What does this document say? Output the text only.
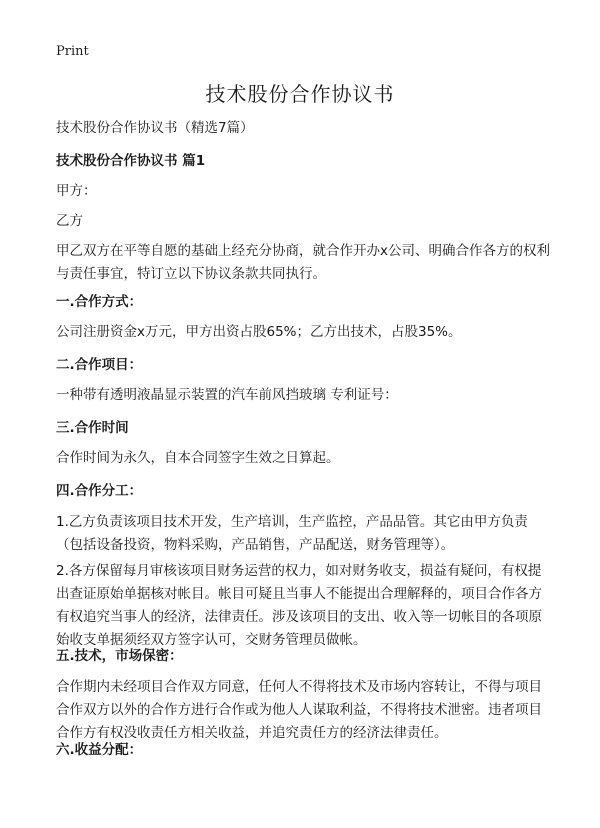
Print
技术股份合作协议书

技术股份合作协议书（精选7篇）

技术股份合作协议书 篇1

甲方：

乙方

甲乙双方在平等自愿的基础上经充分协商，就合作开办x公司、明确合作各方的权利与责任事宜，特订立以下协议条款共同执行。

一.合作方式：

公司注册资金x万元，甲方出资占股65%；乙方出技术，占股35%。

二.合作项目：

一种带有透明液晶显示装置的汽车前风挡玻璃 专利证号：

三.合作时间

合作时间为永久，自本合同签字生效之日算起。

四.合作分工：

1.乙方负责该项目技术开发，生产培训，生产监控，产品品管。其它由甲方负责（包括设备投资，物料采购，产品销售，产品配送，财务管理等）。

2.各方保留每月审核该项目财务运营的权力，如对财务收支，损益有疑问，有权提出查证原始单据核对帐目。帐目可疑且当事人不能提出合理解释的，项目合作各方有权追究当事人的经济，法律责任。涉及该项目的支出、收入等一切帐目的各项原始收支单据须经双方签字认可，交财务管理员做帐。

五.技术，市场保密：

合作期内未经项目合作双方同意，任何人不得将技术及市场内容转让，不得与项目合作双方以外的合作方进行合作或为他人人谋取利益，不得将技术泄密。违者项目合作方有权没收责任方相关收益，并追究责任方的经济法律责任。

六.收益分配：
